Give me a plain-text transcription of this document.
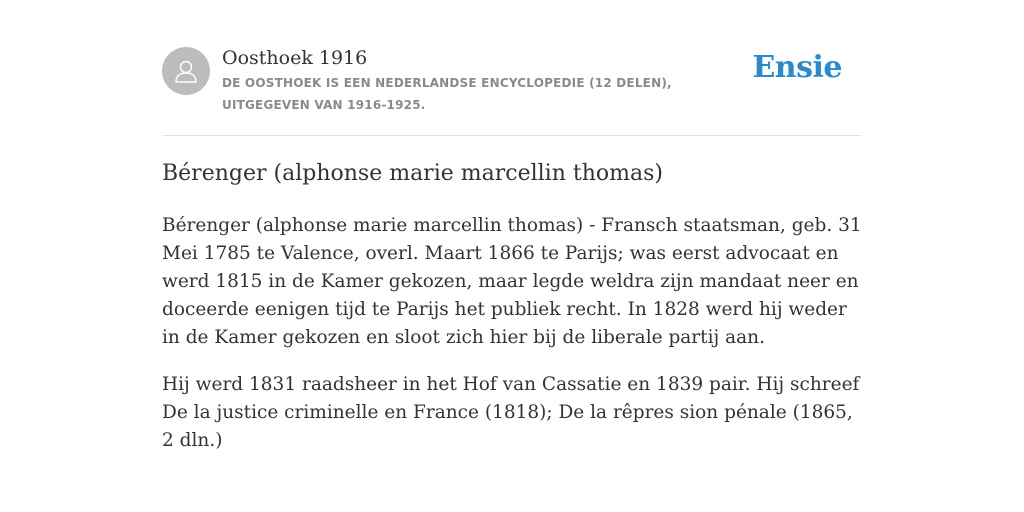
Oosthoek 1916
DE OOSTHOEK IS EEN NEDERLANDSE ENCYCLOPEDIE (12 DELEN), UITGEGEVEN VAN 1916-1925.
Ensie
Bérenger (alphonse marie marcellin thomas)

Bérenger (alphonse marie marcellin thomas) - Fransch staatsman, geb. 31 Mei 1785 te Valence, overl. Maart 1866 te Parijs; was eerst advocaat en werd 1815 in de Kamer gekozen, maar legde weldra zijn mandaat neer en doceerde eenigen tijd te Parijs het publiek recht. In 1828 werd hij weder in de Kamer gekozen en sloot zich hier bij de liberale partij aan.

Hij werd 1831 raadsheer in het Hof van Cassatie en 1839 pair. Hij schreef De la justice criminelle en France (1818); De la rêpres sion pénale (1865, 2 dln.)
